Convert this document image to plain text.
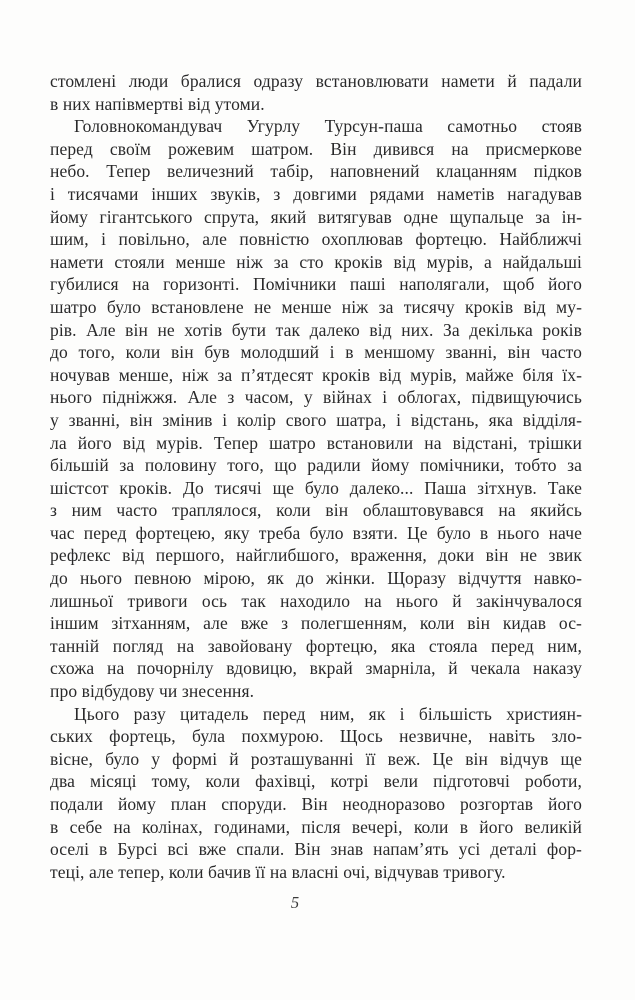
стомлені люди бралися одразу встановлювати намети й падали
в них напівмертві від утоми.
Головнокомандувач Угурлу Турсун-паша самотньо стояв
перед своїм рожевим шатром. Він дивився на присмеркове
небо. Тепер величезний табір, наповнений клацанням підков
і тисячами інших звуків, з довгими рядами наметів нагадував
йому гігантського спрута, який витягував одне щупальце за ін-
шим, і повільно, але повністю охоплював фортецю. Найближчі
намети стояли менше ніж за сто кроків від мурів, а найдальші
губилися на горизонті. Помічники паші наполягали, щоб його
шатро було встановлене не менше ніж за тисячу кроків від му-
рів. Але він не хотів бути так далеко від них. За декілька років
до того, коли він був молодший і в меншому званні, він часто
ночував менше, ніж за п’ятдесят кроків від мурів, майже біля їх-
нього підніжжя. Але з часом, у війнах і облогах, підвищуючись
у званні, він змінив і колір свого шатра, і відстань, яка відділя-
ла його від мурів. Тепер шатро встановили на відстані, трішки
більшій за половину того, що радили йому помічники, тобто за
шістсот кроків. До тисячі ще було далеко... Паша зітхнув. Таке
з ним часто траплялося, коли він облаштовувався на якийсь
час перед фортецею, яку треба було взяти. Це було в нього наче
рефлекс від першого, найглибшого, враження, доки він не звик
до нього певною мірою, як до жінки. Щоразу відчуття навко-
лишньої тривоги ось так находило на нього й закінчувалося
іншим зітханням, але вже з полегшенням, коли він кидав ос-
танній погляд на завойовану фортецю, яка стояла перед ним,
схожа на почорнілу вдовицю, вкрай змарніла, й чекала наказу
про відбудову чи знесення.
Цього разу цитадель перед ним, як і більшість християн-
ських фортець, була похмурою. Щось незвичне, навіть зло-
вісне, було у формі й розташуванні її веж. Це він відчув ще
два місяці тому, коли фахівці, котрі вели підготовчі роботи,
подали йому план споруди. Він неодноразово розгортав його
в себе на колінах, годинами, після вечері, коли в його великій
оселі в Бурсі всі вже спали. Він знав напам’ять усі деталі фор-
теці, але тепер, коли бачив її на власні очі, відчував тривогу.
5
